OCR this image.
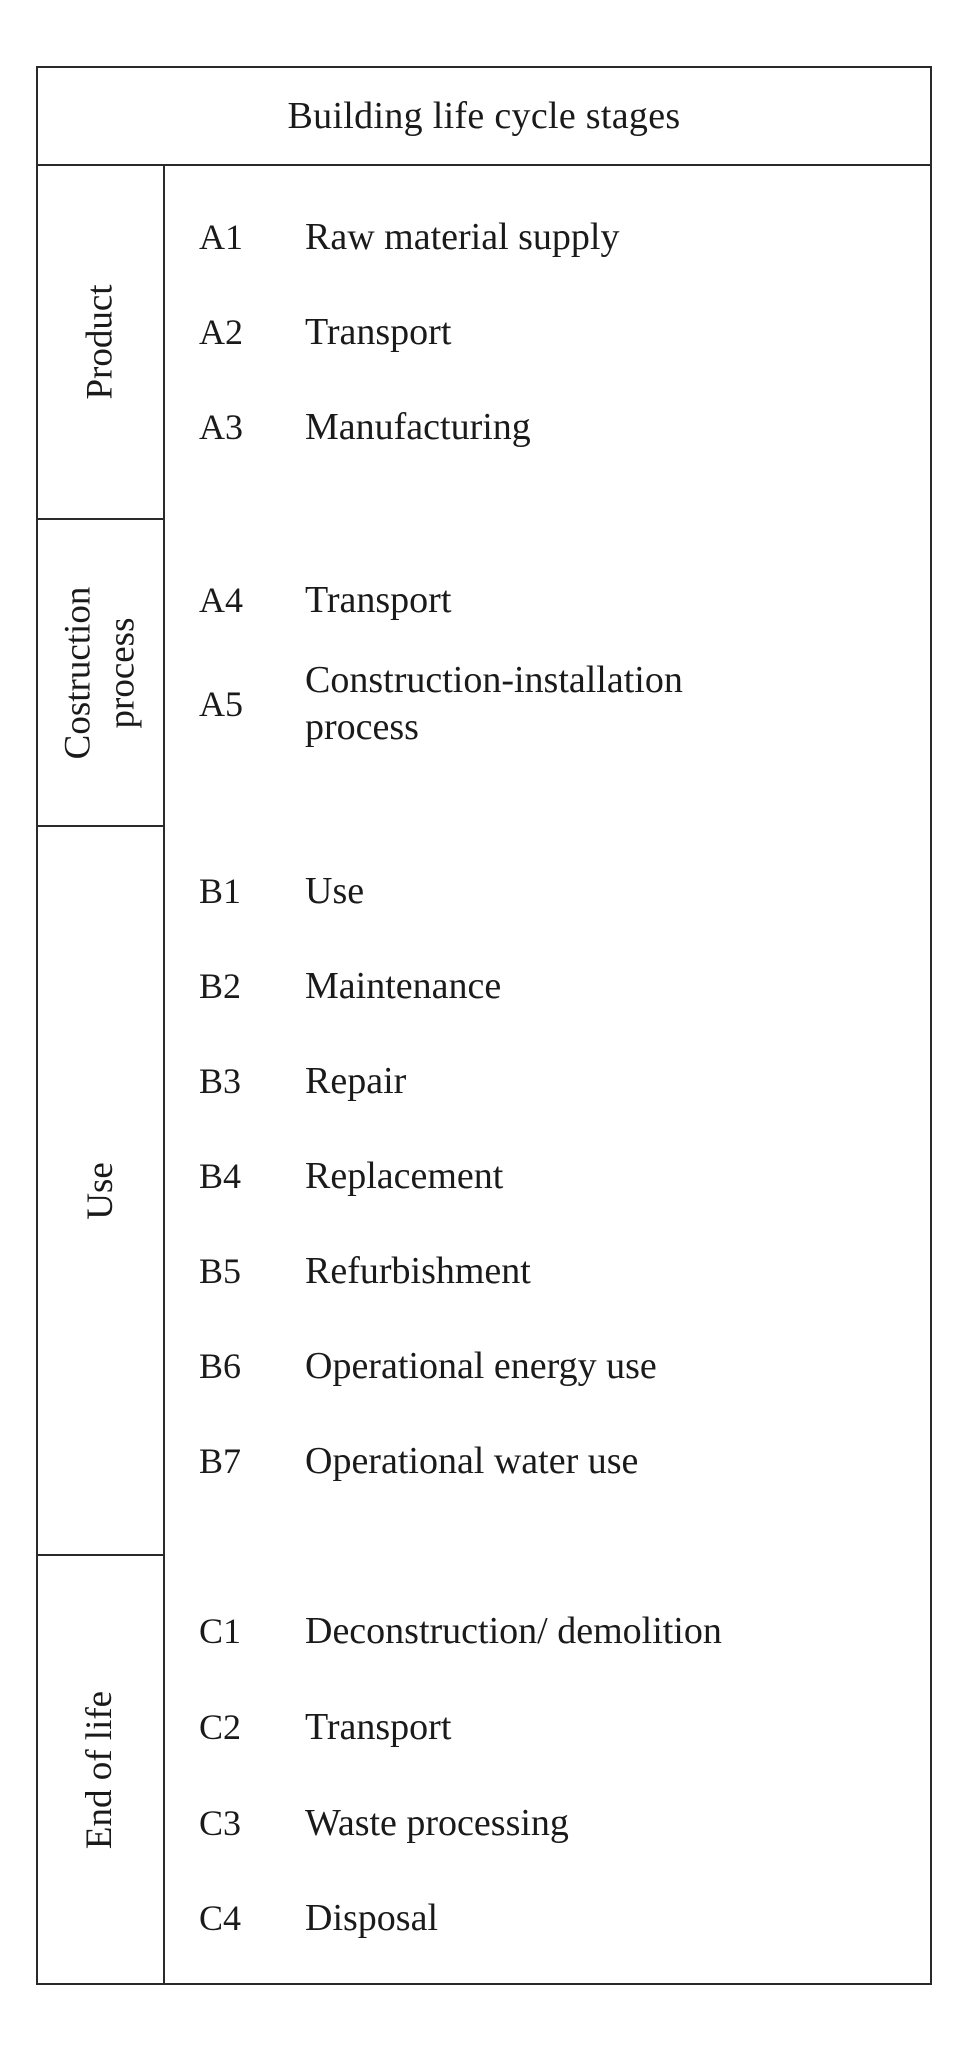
Building life cycle stages
Product
Costruction process
Use
End of life
A1 Raw material supply
A2 Transport
A3 Manufacturing
A4 Transport
A5
Construction-installation
process
B1 Use
B2 Maintenance
B3 Repair
B4 Replacement
B5 Refurbishment
B6 Operational energy use
B7 Operational water use
C1 Deconstruction/ demolition
C2 Transport
C3 Waste processing
C4 Disposal
